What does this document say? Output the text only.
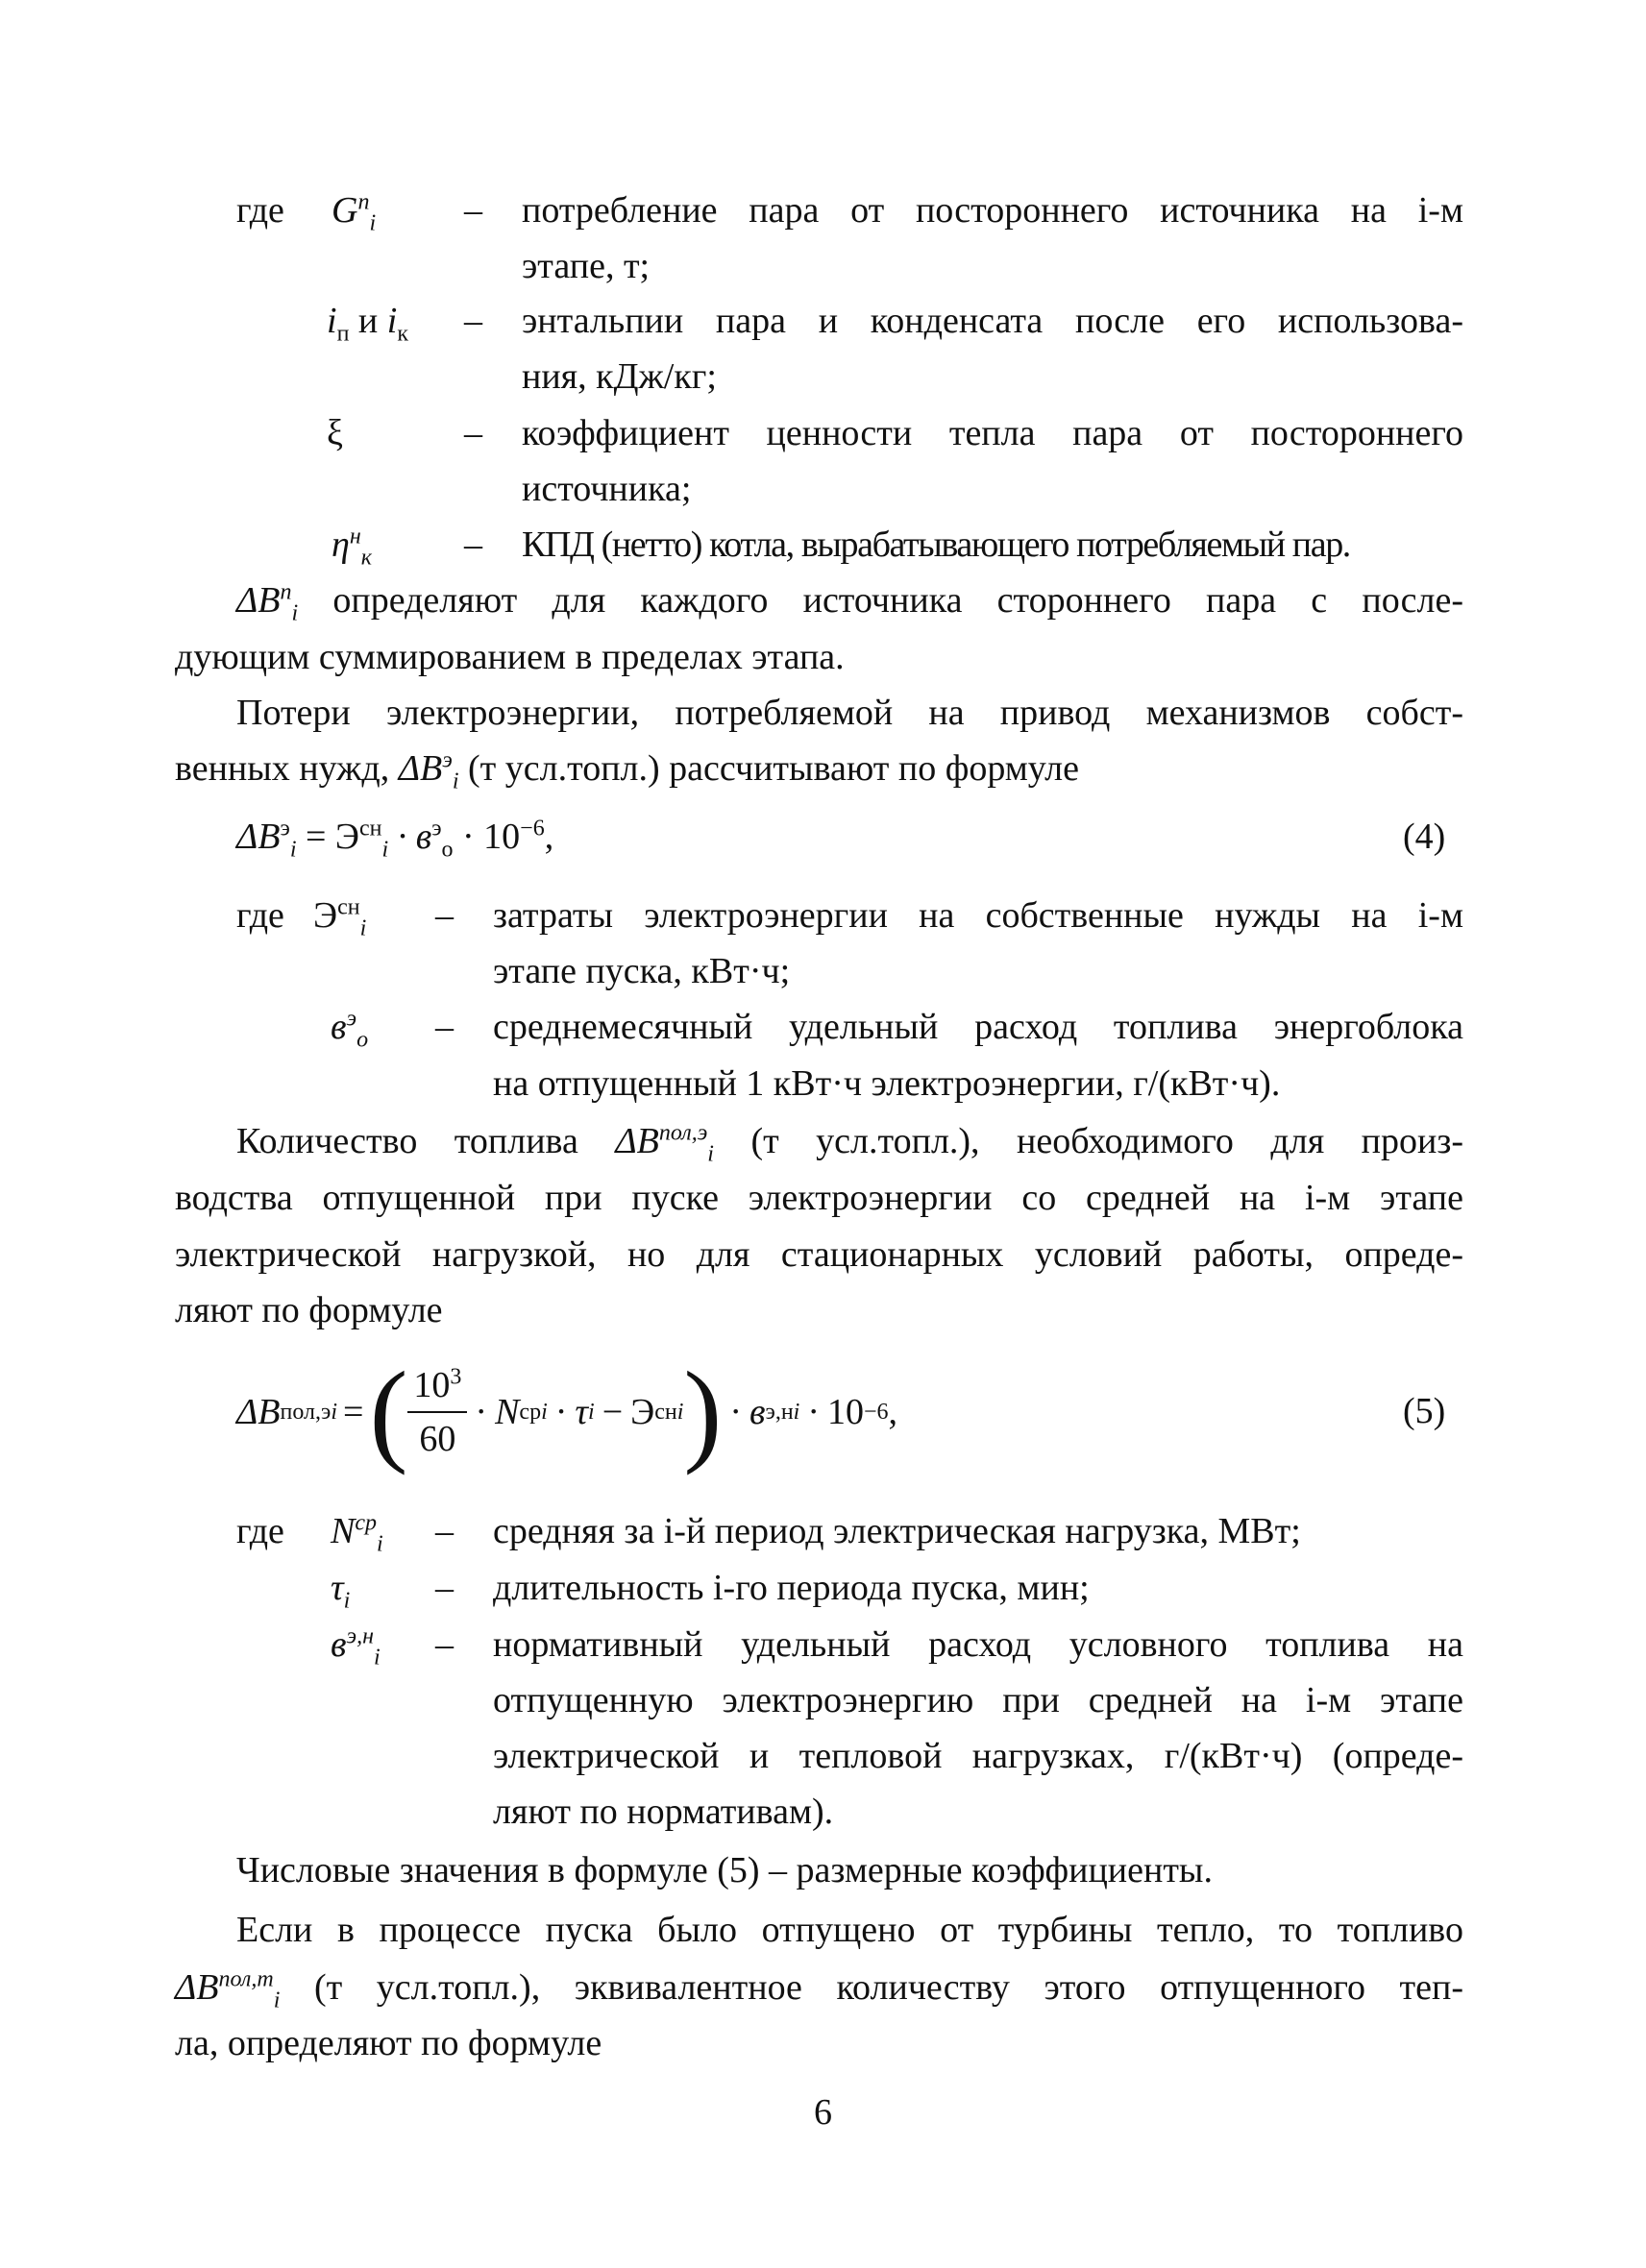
где $G^п_i$ – потребление пара от постороннего источника на i-м
этапе, т;
$i_п$ и $i_к$ – энтальпии пара и конденсата после его использова-
ния, кДж/кг;
ξ	– коэффициент ценности тепла пара от постороннего
источника;
$\eta^н_к$	– КПД (нетто) котла, вырабатывающего потребляемый пар.
$\Delta B^п_i$ определяют для каждого источника стороннего пара с после-
дующим суммированием в пределах этапа.
Потери электроэнергии, потребляемой на привод механизмов собст-
венных нужд, $\Delta B^э_i$ (т усл.топл.) рассчитывают по формуле
$\Delta B^э_i = Э^{сн}_i \cdot в^э_о \cdot 10^{-6}$,	(4)
где $Э^{сн}_i$ – затраты электроэнергии на собственные нужды на i-м
этапе пуска, кВт·ч;
$в^э_о$ – среднемесячный удельный расход топлива энергоблока
на отпущенный 1 кВт·ч электроэнергии, г/(кВт·ч).
Количество топлива $\Delta B^{пол,э}_i$ (т усл.топл.), необходимого для произ-
водства отпущенной при пуске электроэнергии со средней на i-м этапе
электрической нагрузкой, но для стационарных условий работы, опреде-
ляют по формуле
ΔB пол,э i = ( $\frac{10^3}{60} \cdot N$ ср i · τ i − Э сн i ) · в э,н i · 10 −6 ,	(5)
где $N^{ср}_i$ – средняя за i-й период электрическая нагрузка, МВт;
$\tau_i$ – длительность i-го периода пуска, мин;
$в^{э,н}_i$ – нормативный удельный расход условного топлива на
отпущенную электроэнергию при средней на i-м этапе
электрической и тепловой нагрузках, г/(кВт·ч) (опреде-
ляют по нормативам).
Числовые значения в формуле (5) – размерные коэффициенты.
Если в процессе пуска было отпущено от турбины тепло, то топливо
$\Delta B^{пол,т}_i$ (т усл.топл.), эквивалентное количеству этого отпущенного теп-
ла, определяют по формуле
6
